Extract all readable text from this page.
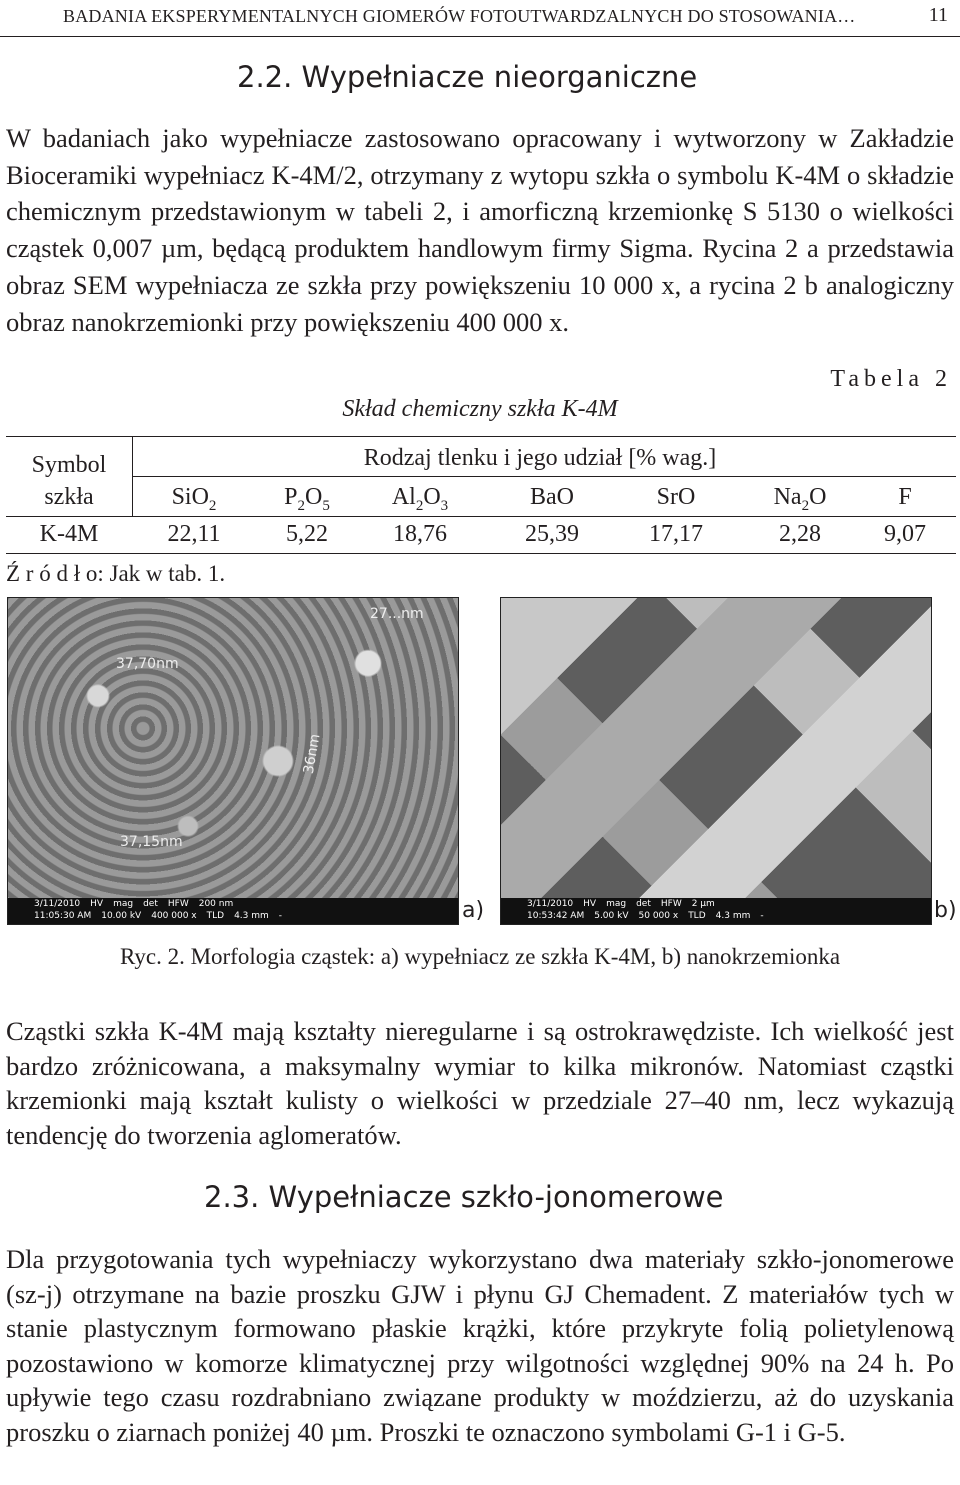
BADANIA EKSPERYMENTALNYCH GIOMERÓW FOTOUTWARDZALNYCH DO STOSOWANIA…	11
2.2. Wypełniacze nieorganiczne

W badaniach jako wypełniacze zastosowano opracowany i wytworzony w Zakładzie Bioceramiki wypełniacz K-4M/2, otrzymany z wytopu szkła o symbolu K-4M o składzie chemicznym przedstawionym w tabeli 2, i amorficzną krzemionkę S 5130 o wielkości cząstek 0,007 µm, będącą produktem handlowym firmy Sigma. Rycina 2 a przedstawia obraz SEM wypełniacza ze szkła przy powiększeniu 10 000 x, a rycina 2 b analogiczny obraz nanokrzemionki przy powiększeniu 400 000 x.

Tabela 2
Skład chemiczny szkła K-4M
Symbol
szkła
Rodzaj tlenku i jego udział [% wag.]
SiO$_2$	$P_2O_5$	$Al_2O_3$	BaO	SrO	$Na_2O$	F
K-4M	22,11	5,22	18,76	25,39	17,17	2,28	9,07
Ź r ó d ł o: Jak w tab. 1.
27...nm
37,70nm
36nm
37,15nm
3/11/2010 HV mag det HFW 200 nm
11:05:30 AM 10.00 kV 400 000 x TLD 4.3 mm -	a)	3/11/2010 HV mag det HFW 2 µm
10:53:42 AM 5.00 kV 50 000 x TLD 4.3 mm -	b)
Ryc. 2. Morfologia cząstek: a) wypełniacz ze szkła K-4M, b) nanokrzemionka

Cząstki szkła K-4M mają kształty nieregularne i są ostrokrawędziste. Ich wielkość jest bardzo zróżnicowana, a maksymalny wymiar to kilka mikronów. Natomiast cząstki krzemionki mają kształt kulisty o wielkości w przedziale 27–40 nm, lecz wykazują tendencję do tworzenia aglomeratów.

2.3. Wypełniacze szkło-jonomerowe

Dla przygotowania tych wypełniaczy wykorzystano dwa materiały szkło-jonomerowe (sz-j) otrzymane na bazie proszku GJW i płynu GJ Chemadent. Z materiałów tych w stanie plastycznym formowano płaskie krążki, które przykryte folią polietylenową pozostawiono w komorze klimatycznej przy wilgotności względnej 90% na 24 h. Po upływie tego czasu rozdrabniano związane produkty w moździerzu, aż do uzyskania proszku o ziarnach poniżej 40 µm. Proszki te oznaczono symbolami G-1 i G-5.
